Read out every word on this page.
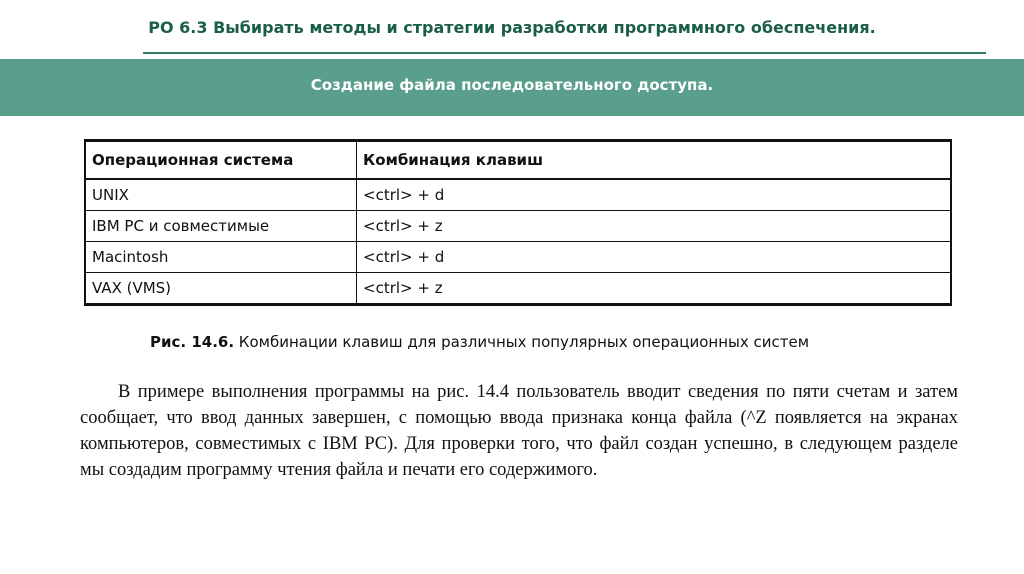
РО 6.3 Выбирать методы и стратегии разработки программного обеспечения.
Создание файла последовательного доступа.
Операционная система	Комбинация клавиш
UNIX	<ctrl> + d
IBM PC и совместимые	<ctrl> + z
Macintosh	<ctrl> + d
VAX (VMS)	<ctrl> + z
Рис. 14.6. Комбинации клавиш для различных популярных операционных систем
В примере выполнения программы на рис. 14.4 пользователь вводит сведения по пяти счетам и затем сообщает, что ввод данных завершен, с помощью ввода признака конца файла (^Z появляется на экранах компьютеров, совместимых с IBM PC). Для проверки того, что файл создан успешно, в следующем разделе мы создадим программу чтения файла и печати его содержимого.
